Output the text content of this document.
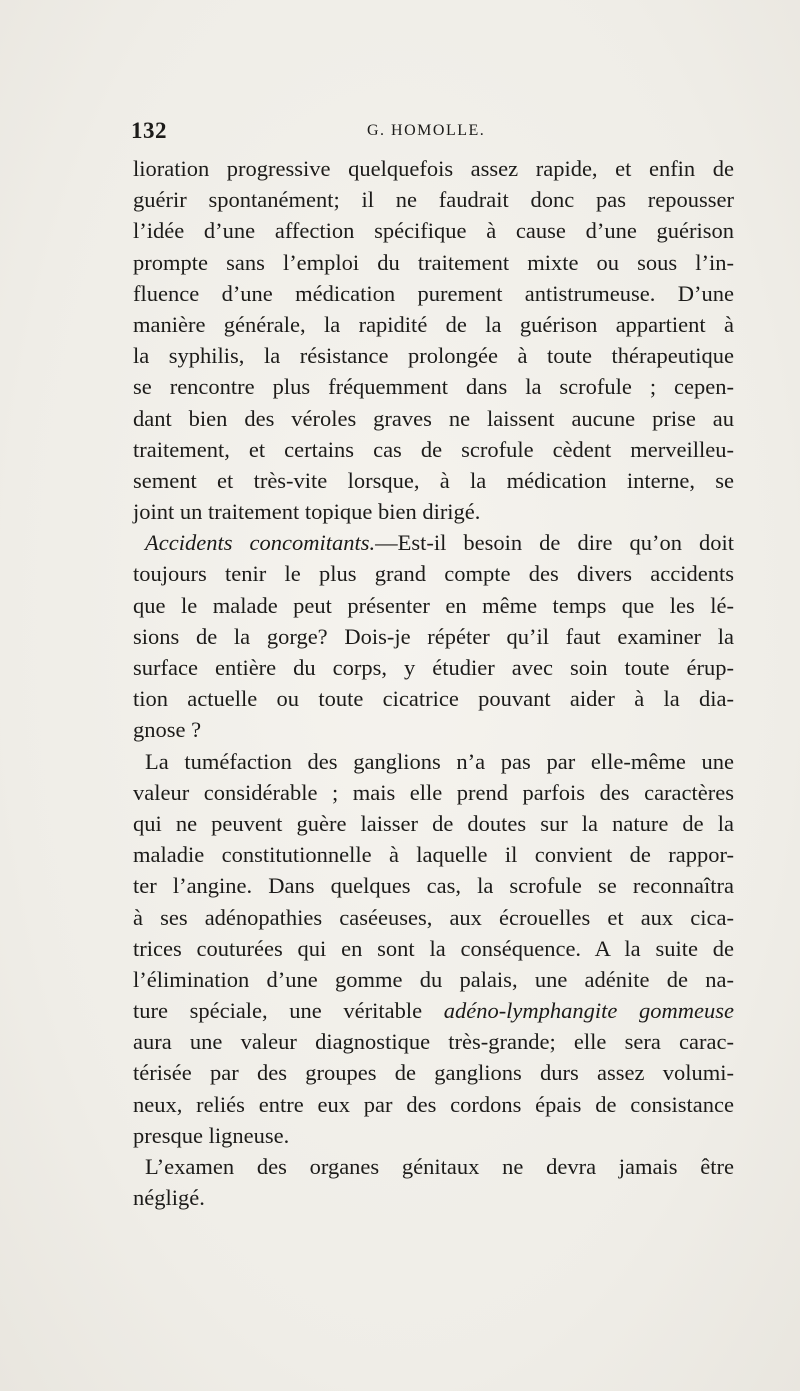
132	G. HOMOLLE.
lioration progressive quelquefois assez rapide, et enfin de
guérir spontanément; il ne faudrait donc pas repousser
l’idée d’une affection spécifique à cause d’une guérison
prompte sans l’emploi du traitement mixte ou sous l’in-
fluence d’une médication purement antistrumeuse. D’une
manière générale, la rapidité de la guérison appartient à
la syphilis, la résistance prolongée à toute thérapeutique
se rencontre plus fréquemment dans la scrofule ; cepen-
dant bien des véroles graves ne laissent aucune prise au
traitement, et certains cas de scrofule cèdent merveilleu-
sement et très-vite lorsque, à la médication interne, se
joint un traitement topique bien dirigé.
Accidents concomitants.—Est-il besoin de dire qu’on doit
toujours tenir le plus grand compte des divers accidents
que le malade peut présenter en même temps que les lé-
sions de la gorge? Dois-je répéter qu’il faut examiner la
surface entière du corps, y étudier avec soin toute érup-
tion actuelle ou toute cicatrice pouvant aider à la dia-
gnose ?
La tuméfaction des ganglions n’a pas par elle-même une
valeur considérable ; mais elle prend parfois des caractères
qui ne peuvent guère laisser de doutes sur la nature de la
maladie constitutionnelle à laquelle il convient de rappor-
ter l’angine. Dans quelques cas, la scrofule se reconnaîtra
à ses adénopathies caséeuses, aux écrouelles et aux cica-
trices couturées qui en sont la conséquence. A la suite de
l’élimination d’une gomme du palais, une adénite de na-
ture spéciale, une véritable adéno-lymphangite gommeuse
aura une valeur diagnostique très-grande; elle sera carac-
térisée par des groupes de ganglions durs assez volumi-
neux, reliés entre eux par des cordons épais de consistance
presque ligneuse.
L’examen des organes génitaux ne devra jamais être
négligé.
